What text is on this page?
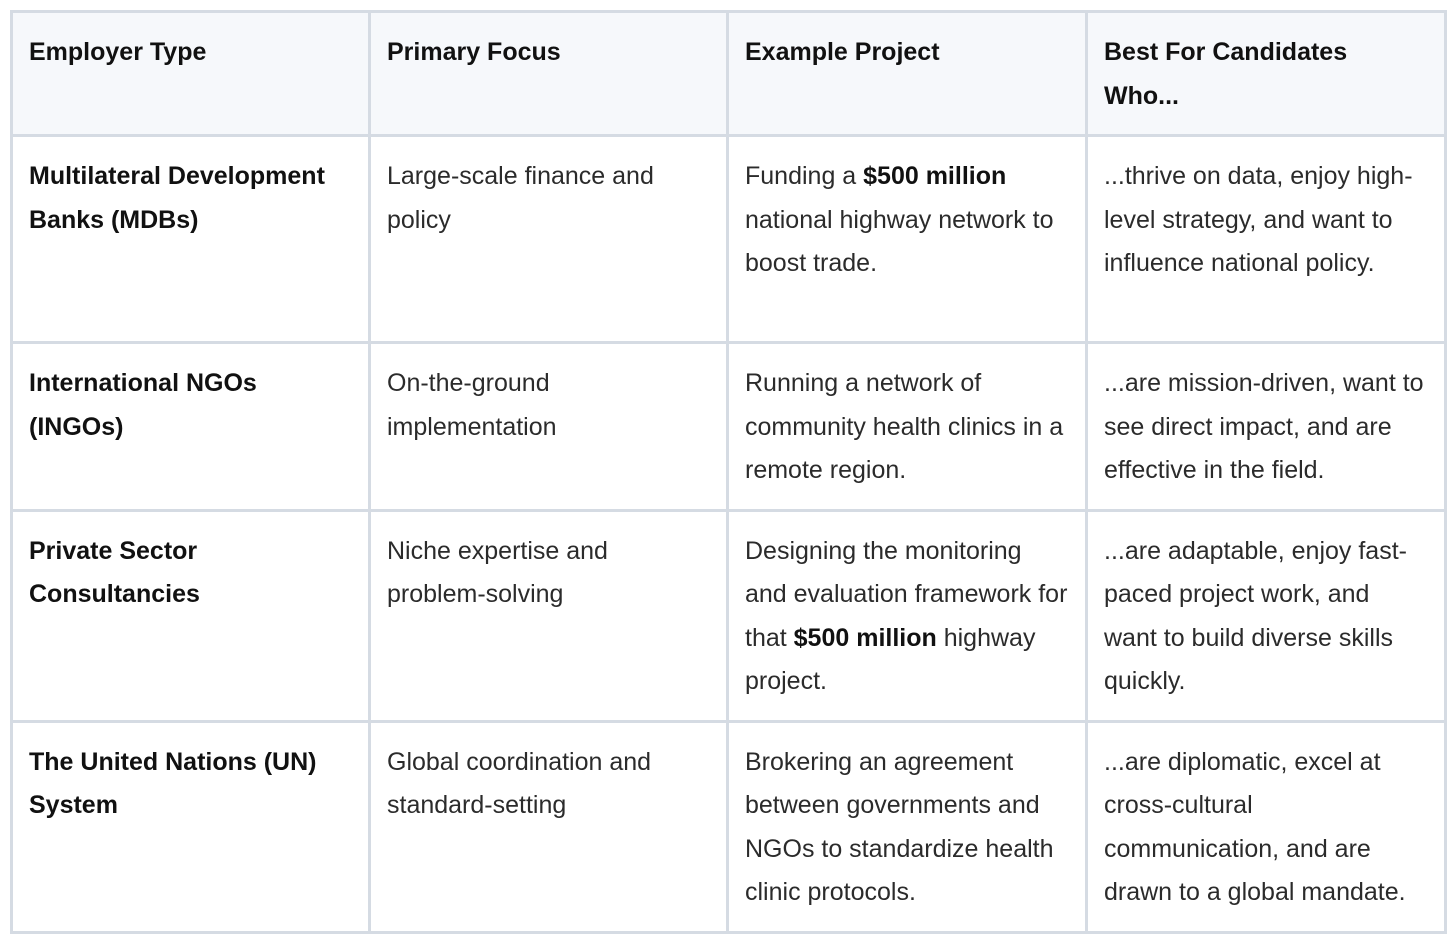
Employer Type	Primary Focus	Example Project	Best For Candidates Who...
Multilateral Development Banks (MDBs)	Large-scale finance and policy	Funding a $500 million national highway network to boost trade.	...thrive on data, enjoy high-level strategy, and want to influence national policy.
International NGOs (INGOs)	On-the-ground implementation	Running a network of community health clinics in a remote region.	...are mission-driven, want to see direct impact, and are effective in the field.
Private Sector Consultancies	Niche expertise and problem-solving	Designing the monitoring and evaluation framework for that $500 million highway project.	...are adaptable, enjoy fast-paced project work, and want to build diverse skills quickly.
The United Nations (UN) System	Global coordination and standard-setting	Brokering an agreement between governments and NGOs to standardize health clinic protocols.	...are diplomatic, excel at cross-cultural communication, and are drawn to a global mandate.
